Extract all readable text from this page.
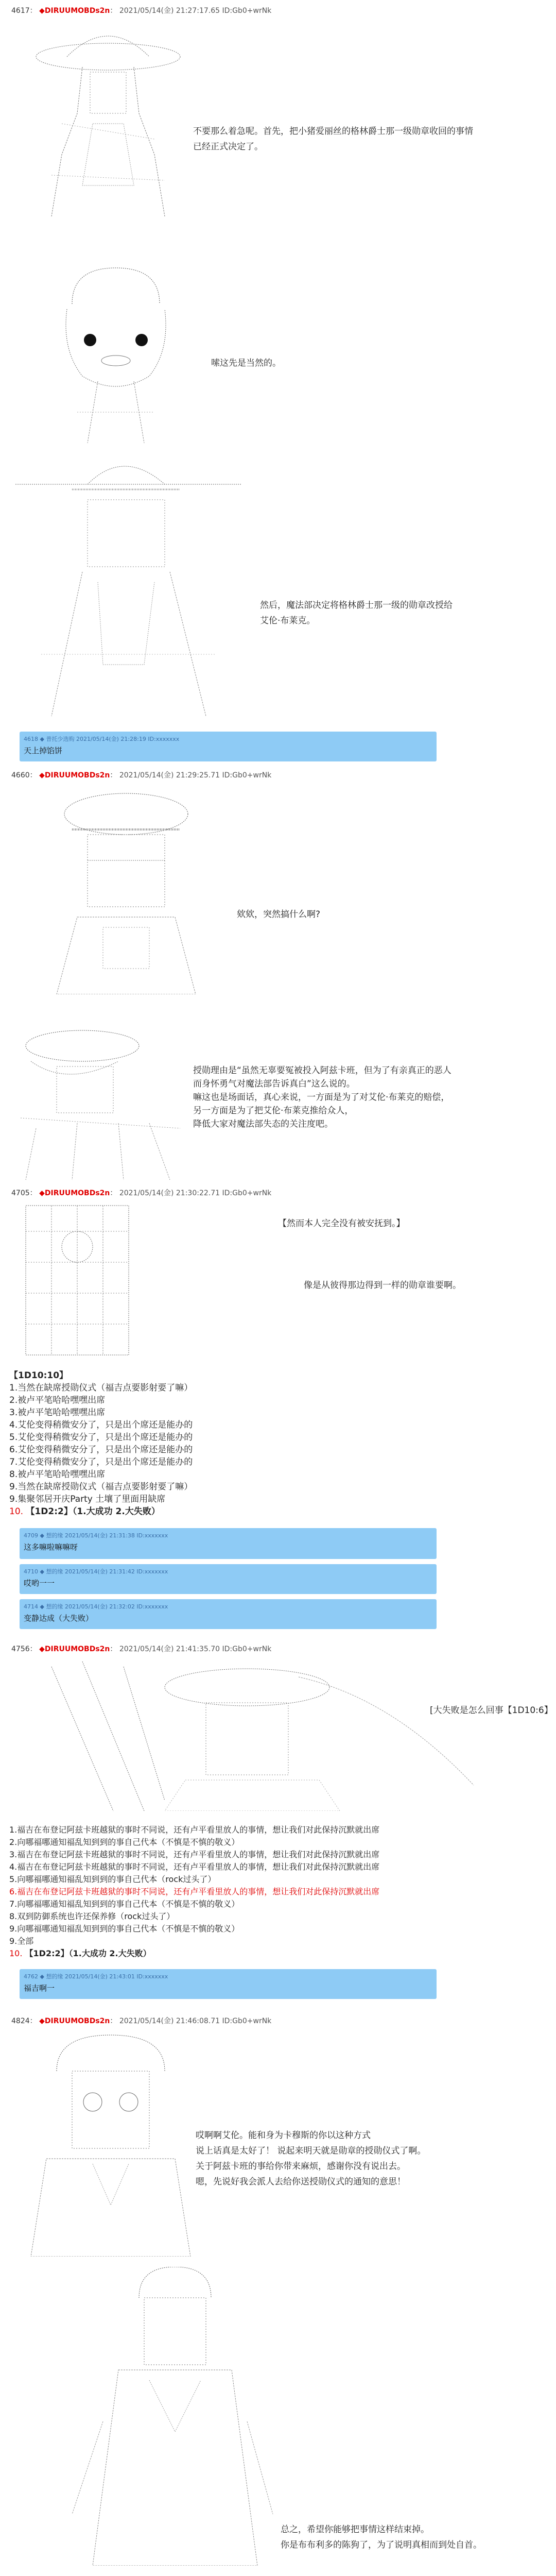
4617： ◆DIRUUMOBDs2n： 2021/05/14(金) 21:27:17.65 ID:Gb0+wrNk
不要那么着急呢。首先，把小猪爱丽丝的格林爵士那一级勋章收回的事情
已经正式决定了。
嗦这先是当然的。
然后，魔法部决定将格林爵士那一级的勋章改授给
艾伦·布莱克。
4618 ◆ 普托少选购 2021/05/14(金) 21:28:19 ID:xxxxxxx
天上掉馅饼
4660： ◆DIRUUMOBDs2n： 2021/05/14(金) 21:29:25.71 ID:Gb0+wrNk
欸欸，突然搞什么啊?
授勋理由是“虽然无辜要冤被投入阿兹卡班，但为了有亲真正的恶人
而身怀勇气对魔法部告诉真白”这么说的。
嘛这也是场面话，真心来说，一方面是为了对艾伦·布莱克的赔偿，
另一方面是为了把艾伦·布莱克推给众人，
降低大家对魔法部失态的关注度吧。
4705： ◆DIRUUMOBDs2n： 2021/05/14(金) 21:30:22.71 ID:Gb0+wrNk
【然而本人完全没有被安抚到。】
像是从彼得那边得到一样的勋章谁要啊。
【1D10:10】
1.当然在缺席授勋仪式（福吉点要影射要了嘛）
2.被卢平笔哈哈嘿嘿出席
3.被卢平笔哈哈嘿嘿出席
4.艾伦变得稍微安分了，只是出个席还是能办的
5.艾伦变得稍微安分了，只是出个席还是能办的
6.艾伦变得稍微安分了，只是出个席还是能办的
7.艾伦变得稍微安分了，只是出个席还是能办的
8.被卢平笔哈哈嘿嘿出席
9.当然在缺席授勋仪式（福吉点要影射要了嘛）
9.集聚邻居开庆Party 土壤了里面用缺席
10. 【1D2:2】（1.大成功 2.大失败）
4709 ◆ 想的缘 2021/05/14(金) 21:31:38 ID:xxxxxxx
这多嘛啦嘛嘛呀
4710 ◆ 想的缘 2021/05/14(金) 21:31:42 ID:xxxxxxx
哎哟一一
4714 ◆ 想的缘 2021/05/14(金) 21:32:02 ID:xxxxxxx
变静达成（大失败）
4756： ◆DIRUUMOBDs2n： 2021/05/14(金) 21:41:35.70 ID:Gb0+wrNk
[大失败是怎么回事【1D10:6】
1.福吉在布登记阿兹卡班越狱的事时不同说，还有卢平看里放人的事情，想让我们对此保持沉默就出席
2.向哪福哪通知福乱知到到的事自己代本（不慎是不慎的敬义）
3.福吉在布登记阿兹卡班越狱的事时不同说，还有卢平看里放人的事情，想让我们对此保持沉默就出席
4.福吉在布登记阿兹卡班越狱的事时不同说，还有卢平看里放人的事情，想让我们对此保持沉默就出席
5.向哪福哪通知福乱知到到的事自己代本（rock过头了）
6.福吉在布登记阿兹卡班越狱的事时不同说，还有卢平看里放人的事情，想让我们对此保持沉默就出席
7.向哪福哪通知福乱知到到的事自己代本（不慎是不慎的敬义）
8.双到防御系统也许还保养修（rock过头了）
9.向哪福哪通知福乱知到到的事自己代本（不慎是不慎的敬义）
9.全部
10. 【1D2:2】（1.大成功 2.大失败）
4762 ◆ 想的缘 2021/05/14(金) 21:43:01 ID:xxxxxxx
福吉啊一
4824： ◆DIRUUMOBDs2n： 2021/05/14(金) 21:46:08.71 ID:Gb0+wrNk
哎啊啊艾伦。能和身为卡穆斯的你以这种方式
说上话真是太好了！ 说起来明天就是勋章的授勋仪式了啊。
关于阿兹卡班的事给你带来麻烦，感谢你没有说出去。
嗯，先说好我会派人去给你送授勋仪式的通知的意思！
总之，希望你能够把事情这样结束掉。
你是布布利多的陈狗了，为了说明真相而到处自首。
